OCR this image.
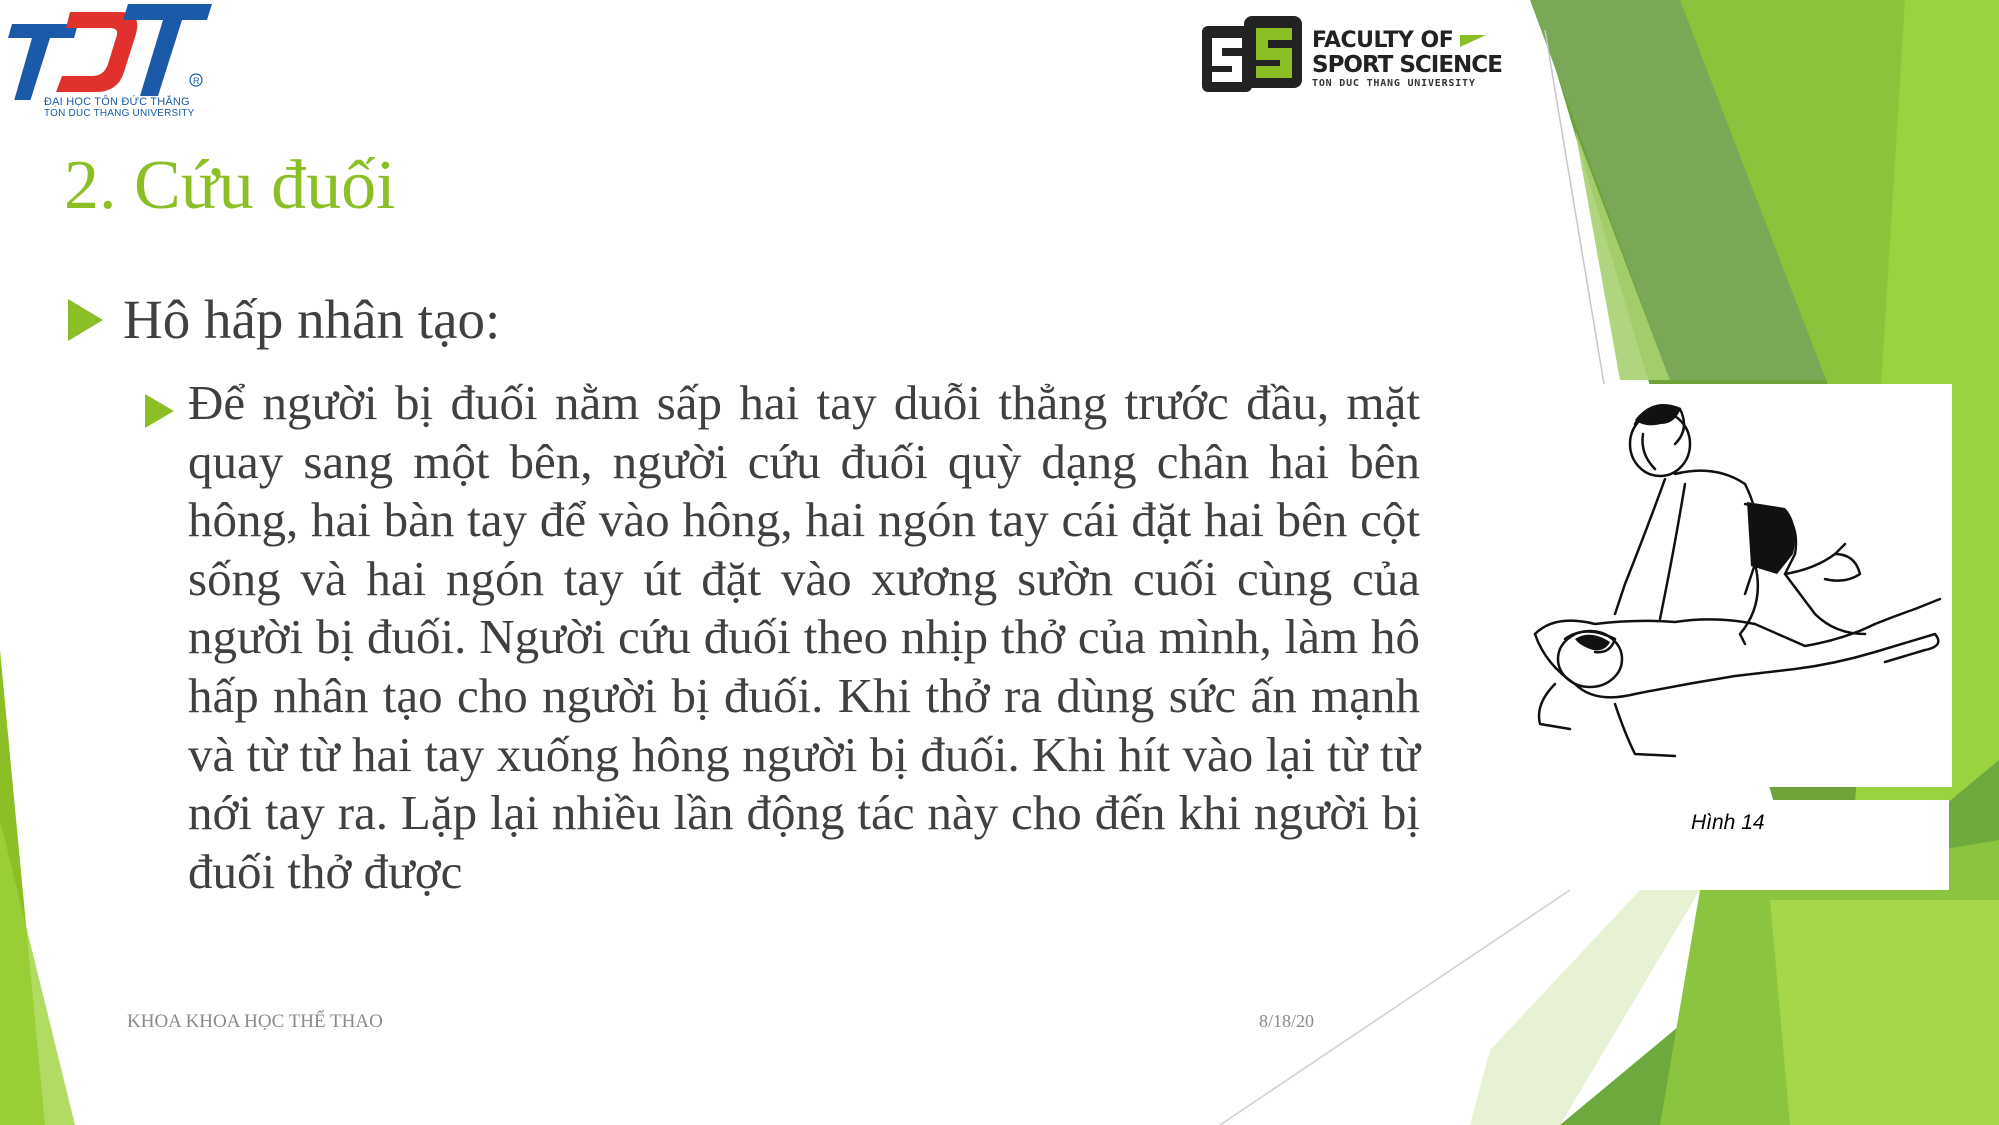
R
ĐẠI HỌC TÔN ĐỨC THẮNG
TON DUC THANG UNIVERSITY
FACULTY OF
SPORT SCIENCE
TON DUC THANG UNIVERSITY
2. Cứu đuối
Hô hấp nhân tạo:
Để người bị đuối nằm sấp hai tay duỗi thẳng trước đầu, mặt quay sang một bên, người cứu đuối quỳ dạng chân hai bên hông, hai bàn tay để vào hông, hai ngón tay cái đặt hai bên cột sống và hai ngón tay út đặt vào xương sườn cuối cùng của người bị đuối. Người cứu đuối theo nhịp thở của mình, làm hô hấp nhân tạo cho người bị đuối. Khi thở ra dùng sức ấn mạnh và từ từ hai tay xuống hông người bị đuối. Khi hít vào lại từ từ nới tay ra. Lặp lại nhiều lần động tác này cho đến khi người bị đuối thở được
Hình 14
KHOA KHOA HỌC THỂ THAO	8/18/20
